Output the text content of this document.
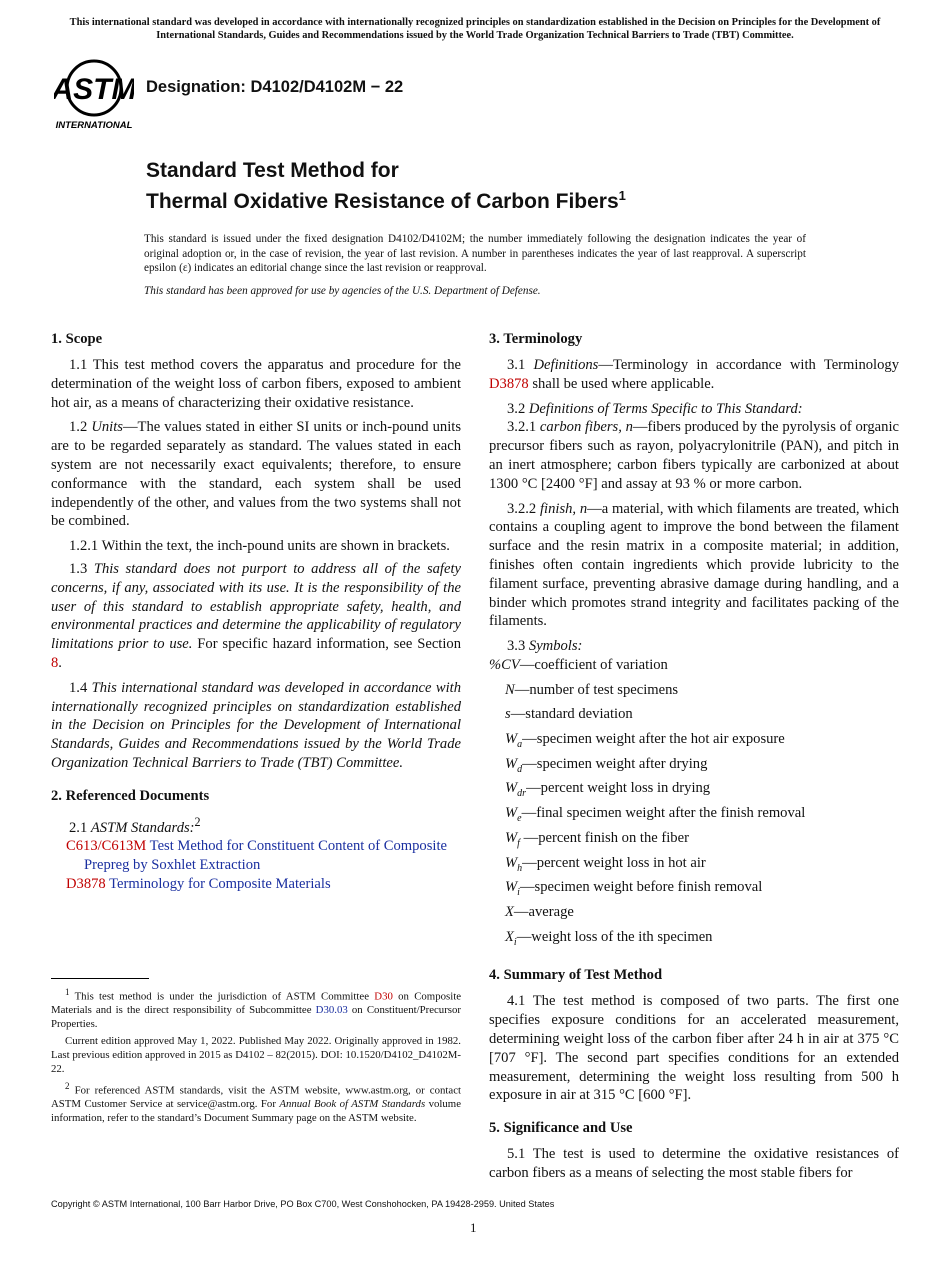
This international standard was developed in accordance with internationally recognized principles on standardization established in the Decision on Principles for the Development of International Standards, Guides and Recommendations issued by the World Trade Organization Technical Barriers to Trade (TBT) Committee.
ASTM
INTERNATIONAL
Designation: D4102/D4102M − 22
Standard Test Method for
Thermal Oxidative Resistance of Carbon Fibers$^1$
This standard is issued under the fixed designation D4102/D4102M; the number immediately following the designation indicates the year of original adoption or, in the case of revision, the year of last revision. A number in parentheses indicates the year of last reapproval. A superscript epsilon (ε) indicates an editorial change since the last revision or reapproval.
This standard has been approved for use by agencies of the U.S. Department of Defense.
1. Scope

1.1 This test method covers the apparatus and procedure for the determination of the weight loss of carbon fibers, exposed to ambient hot air, as a means of characterizing their oxidative resistance.

1.2 Units—The values stated in either SI units or inch-pound units are to be regarded separately as standard. The values stated in each system are not necessarily exact equivalents; therefore, to ensure conformance with the standard, each system shall be used independently of the other, and values from the two systems shall not be combined.

1.2.1 Within the text, the inch-pound units are shown in brackets.

1.3 This standard does not purport to address all of the safety concerns, if any, associated with its use. It is the responsibility of the user of this standard to establish appropriate safety, health, and environmental practices and determine the applicability of regulatory limitations prior to use. For specific hazard information, see Section 8.

1.4 This international standard was developed in accordance with internationally recognized principles on standardization established in the Decision on Principles for the Development of International Standards, Guides and Recommendations issued by the World Trade Organization Technical Barriers to Trade (TBT) Committee.

2. Referenced Documents

2.1 ASTM Standards:$^2$

C613/C613M Test Method for Constituent Content of Composite Prepreg by Soxhlet Extraction

D3878 Terminology for Composite Materials

$^1$ This test method is under the jurisdiction of ASTM Committee D30 on Composite Materials and is the direct responsibility of Subcommittee D30.03 on Constituent/Precursor Properties.

Current edition approved May 1, 2022. Published May 2022. Originally approved in 1982. Last previous edition approved in 2015 as D4102 – 82(2015). DOI: 10.1520/D4102_D4102M-22.

$^2$ For referenced ASTM standards, visit the ASTM website, www.astm.org, or contact ASTM Customer Service at service@astm.org. For Annual Book of ASTM Standards volume information, refer to the standard’s Document Summary page on the ASTM website.

3. Terminology

3.1 Definitions—Terminology in accordance with Terminology D3878 shall be used where applicable.

3.2 Definitions of Terms Specific to This Standard:

3.2.1 carbon fibers, n—fibers produced by the pyrolysis of organic precursor fibers such as rayon, polyacrylonitrile (PAN), and pitch in an inert atmosphere; carbon fibers typically are carbonized at about 1300 °C [2400 °F] and assay at 93 % or more carbon.

3.2.2 finish, n—a material, with which filaments are treated, which contains a coupling agent to improve the bond between the filament surface and the resin matrix in a composite material; in addition, finishes often contain ingredients which provide lubricity to the filament surface, preventing abrasive damage during handling, and a binder which promotes strand integrity and facilitates packing of the filaments.

3.3 Symbols:

%CV—coefficient of variation
N—number of test specimens
s—standard deviation
$W_a—specimen$ weight after the hot air exposure
$W_d—specimen$ weight after drying
$W_{dr}—percent$ weight loss in drying
$W_e—final$ specimen weight after the finish removal
$W_f$ —percent finish on the fiber
$W_h—percent$ weight loss in hot air
$W_i—specimen$ weight before finish removal
X—average
$X_i—weight$ loss of the ith specimen
4. Summary of Test Method

4.1 The test method is composed of two parts. The first one specifies exposure conditions for an accelerated measurement, determining weight loss of the carbon fiber after 24 h in air at 375 °C [707 °F]. The second part specifies conditions for an extended measurement, determining the weight loss resulting from 500 h exposure in air at 315 °C [600 °F].

5. Significance and Use

5.1 The test is used to determine the oxidative resistances of carbon fibers as a means of selecting the most stable fibers for

Copyright © ASTM International, 100 Barr Harbor Drive, PO Box C700, West Conshohocken, PA 19428-2959. United States
1
